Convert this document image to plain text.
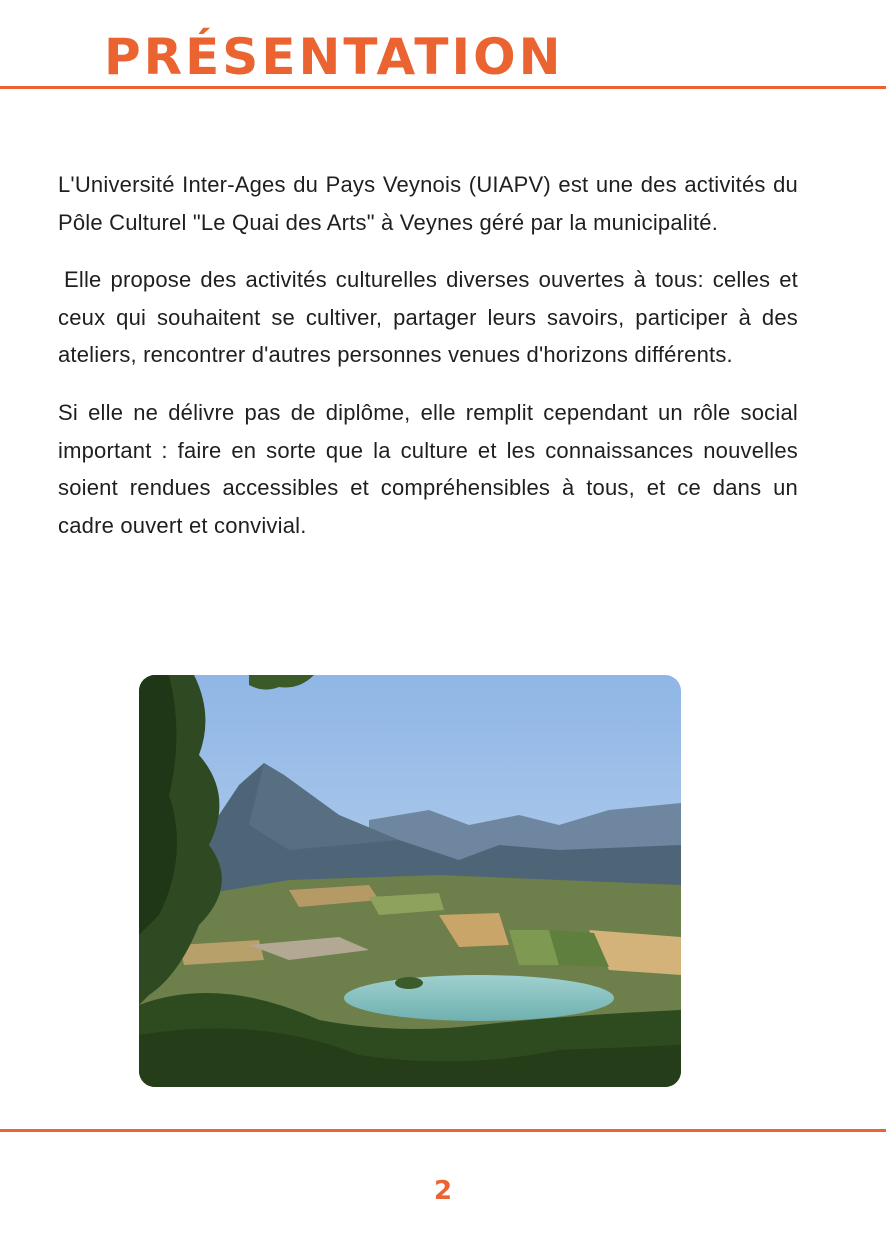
PRÉSENTATION

L'Université Inter-Ages du Pays Veynois (UIAPV) est une des activités du Pôle Culturel "Le Quai des Arts" à Veynes géré par la municipalité.

Elle propose des activités culturelles diverses ouvertes à tous: celles et ceux qui souhaitent se cultiver, partager leurs savoirs, participer à des ateliers, rencontrer d'autres personnes venues d'horizons différents.

Si elle ne délivre pas de diplôme, elle remplit cependant un rôle social important : faire en sorte que la culture et les connaissances nouvelles soient rendues accessibles et compréhensibles à tous, et ce dans un cadre ouvert et convivial.

2
